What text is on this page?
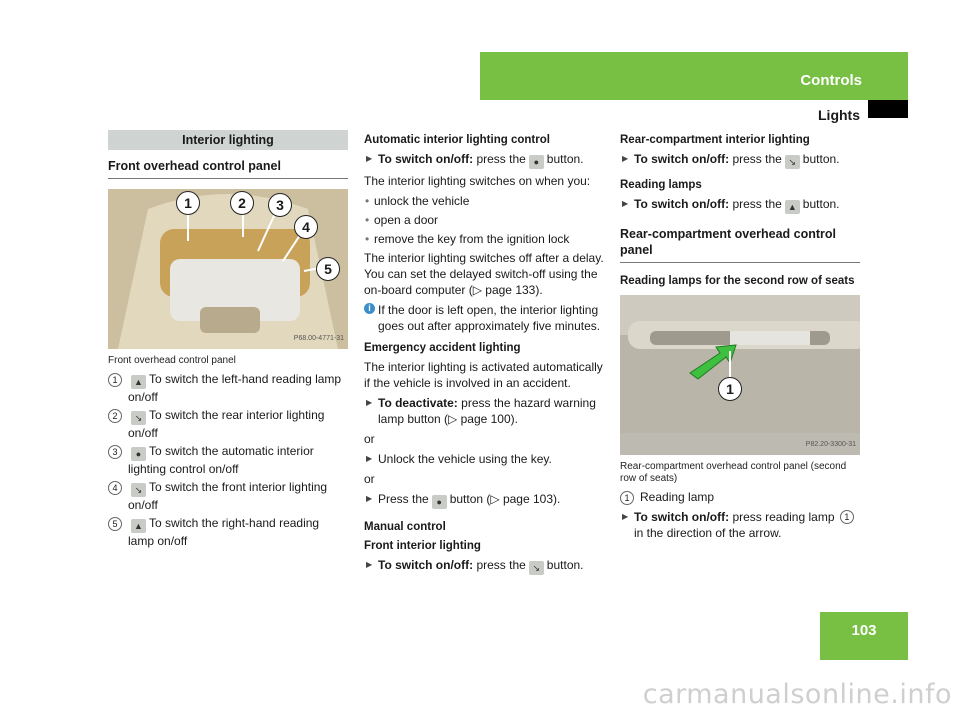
Controls
Lights
Interior lighting
Front overhead control panel
1	2	3
4
5
P68.00-4771-31
Front overhead control panel
1	▲ To switch the left-hand reading lamp on/off
2	↘ To switch the rear interior lighting on/off
3	● To switch the automatic interior lighting control on/off
4	↘ To switch the front interior lighting on/off
5	▲ To switch the right-hand reading lamp on/off
Automatic interior lighting control
▶ To switch on/off: press the ● button.
The interior lighting switches on when you:
• unlock the vehicle
• open a door
• remove the key from the ignition lock
The interior lighting switches off after a delay. You can set the delayed switch-off using the on-board computer (▷ page 133).
i If the door is left open, the interior lighting goes out after approximately five minutes.
Emergency accident lighting
The interior lighting is activated automatically if the vehicle is involved in an accident.
▶ To deactivate: press the hazard warning lamp button (▷ page 100).
or
▶ Unlock the vehicle using the key.
or
▶ Press the ● button (▷ page 103).
Manual control
Front interior lighting
▶ To switch on/off: press the ↘ button.
Rear-compartment interior lighting
▶ To switch on/off: press the ↘ button.
Reading lamps
▶ To switch on/off: press the ▲ button.
Rear-compartment overhead control panel
Reading lamps for the second row of seats
1
P82.20-3300-31
Rear-compartment overhead control panel (second row of seats)
1 Reading lamp
▶ To switch on/off: press reading lamp 1 in the direction of the arrow.
103
carmanualsonline.info
